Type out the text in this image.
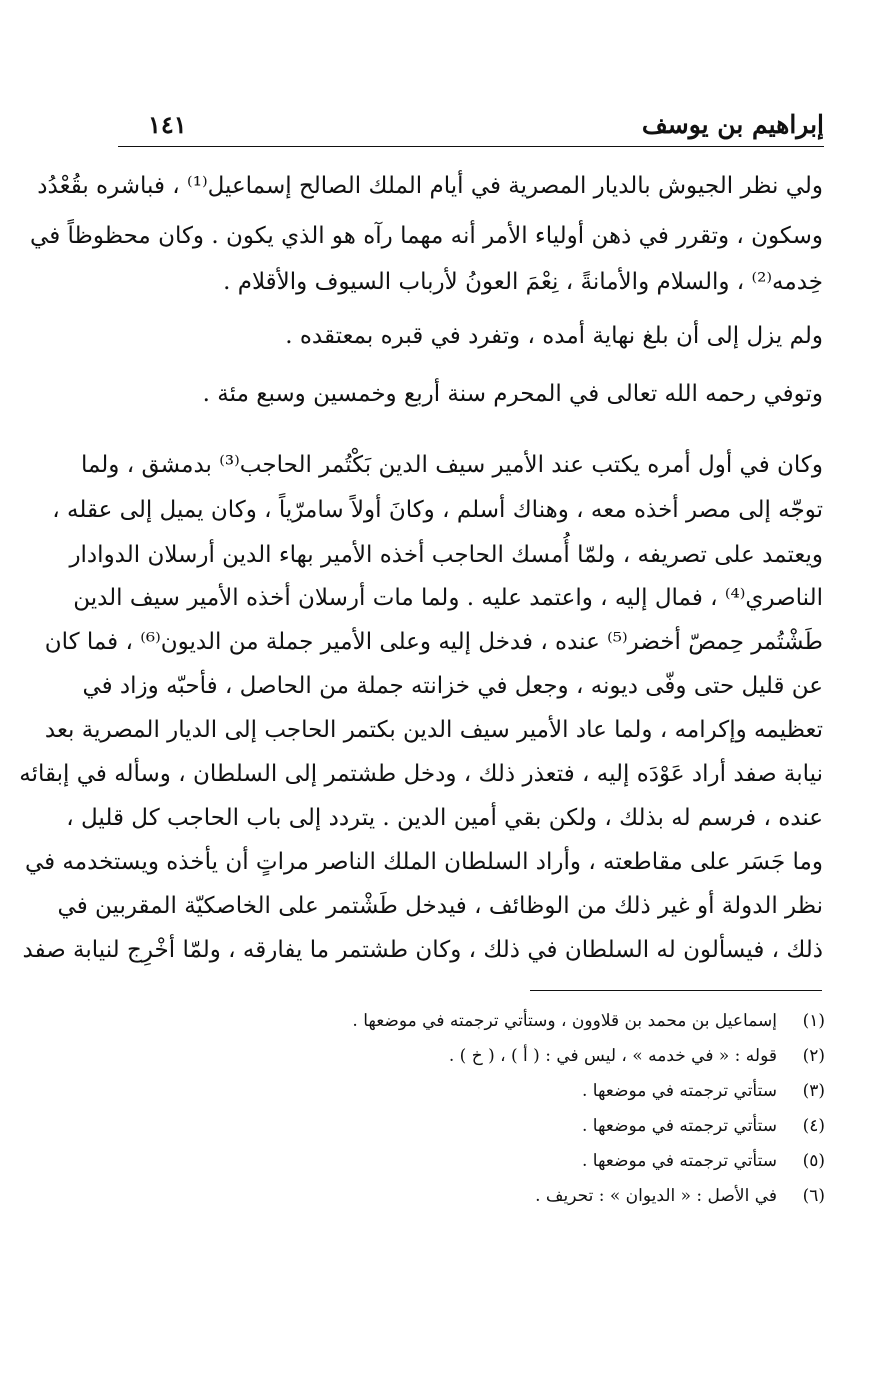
إبراهيم بن يوسف
١٤١
ولي نظر الجيوش بالديار المصرية في أيام الملك الصالح إسماعيل⁽¹⁾ ، فباشره بقُعْدُد
وسكون ، وتقرر في ذهن أولياء الأمر أنه مهما رآه هو الذي يكون . وكان محظوظاً في
خِدمه⁽²⁾ ، والسلام والأمانةً ، نِعْمَ العونُ لأرباب السيوف والأقلام .
ولم يزل إلى أن بلغ نهاية أمده ، وتفرد في قبره بمعتقده .
وتوفي رحمه الله تعالى في المحرم سنة أربع وخمسين وسبع مئة .
وكان في أول أمره يكتب عند الأمير سيف الدين بَكْتُمر الحاجب⁽³⁾ بدمشق ، ولما
توجّه إلى مصر أخذه معه ، وهناك أسلم ، وكانَ أولاً سامرّياً ، وكان يميل إلى عقله ،
ويعتمد على تصريفه ، ولمّا أُمسك الحاجب أخذه الأمير بهاء الدين أرسلان الدوادار
الناصري⁽⁴⁾ ، فمال إليه ، واعتمد عليه . ولما مات أرسلان أخذه الأمير سيف الدين
طَشْتُمر حِمصّ أخضر⁽⁵⁾ عنده ، فدخل إليه وعلى الأمير جملة من الديون⁽⁶⁾ ، فما كان
عن قليل حتى وفّى ديونه ، وجعل في خزانته جملة من الحاصل ، فأحبّه وزاد في
تعظيمه وإكرامه ، ولما عاد الأمير سيف الدين بكتمر الحاجب إلى الديار المصرية بعد
نيابة صفد أراد عَوْدَه إليه ، فتعذر ذلك ، ودخل طشتمر إلى السلطان ، وسأله في إبقائه
عنده ، فرسم له بذلك ، ولكن بقي أمين الدين . يتردد إلى باب الحاجب كل قليل ،
وما جَسَر على مقاطعته ، وأراد السلطان الملك الناصر مراتٍ أن يأخذه ويستخدمه في
نظر الدولة أو غير ذلك من الوظائف ، فيدخل طَشْتمر على الخاصكيّة المقربين في
ذلك ، فيسألون له السلطان في ذلك ، وكان طشتمر ما يفارقه ، ولمّا أخْرِج لنيابة صفد
(١)إسماعيل بن محمد بن قلاوون ، وستأتي ترجمته في موضعها .
(٢)قوله : « في خدمه » ، ليس في : ( أ ) ، ( خ ) .
(٣)ستأتي ترجمته في موضعها .
(٤)ستأتي ترجمته في موضعها .
(٥)ستأتي ترجمته في موضعها .
(٦)في الأصل : « الديوان » : تحريف .
